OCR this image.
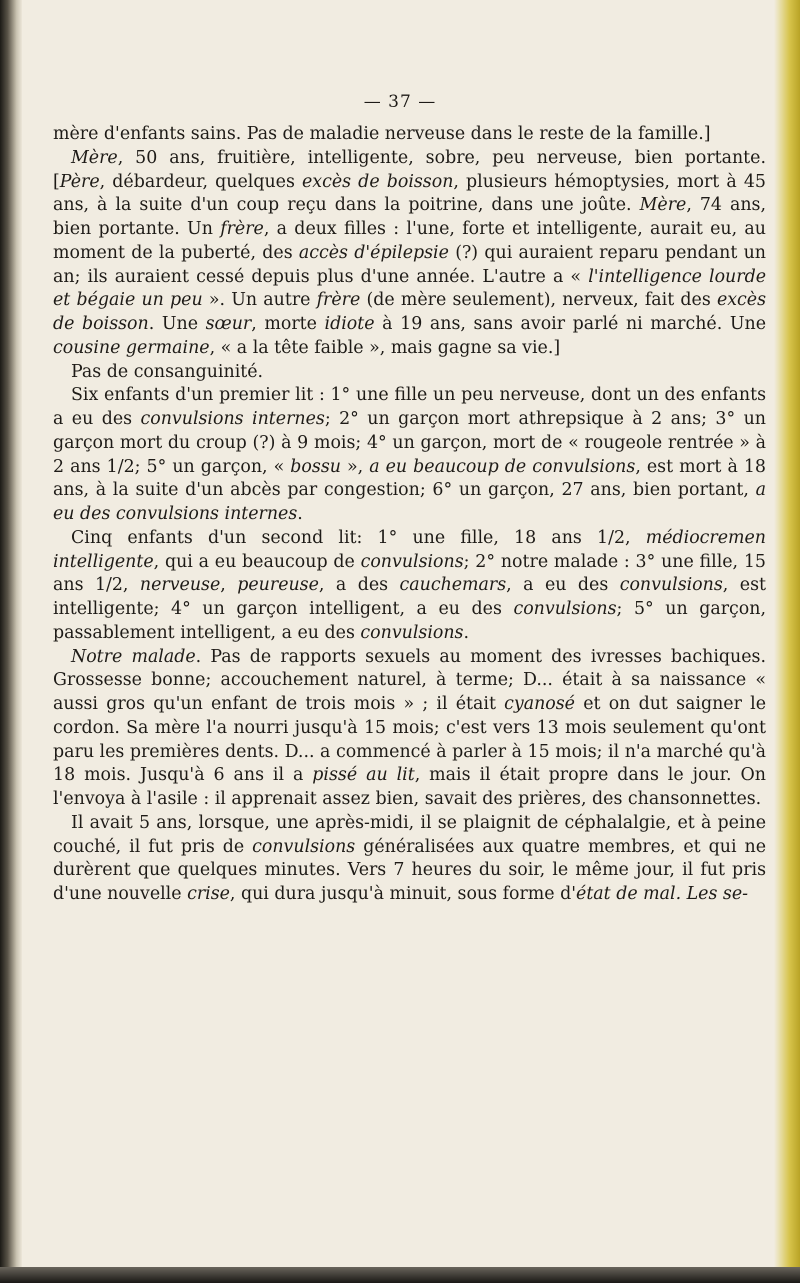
— 37 —

mère d'enfants sains. Pas de maladie nerveuse dans le reste de la famille.]

Mère, 50 ans, fruitière, intelligente, sobre, peu nerveuse, bien portante. [Père, débardeur, quelques excès de boisson, plusieurs hémoptysies, mort à 45 ans, à la suite d'un coup reçu dans la poitrine, dans une joûte. Mère, 74 ans, bien portante. Un frère, a deux filles : l'une, forte et intelligente, aurait eu, au moment de la puberté, des accès d'épilepsie (?) qui auraient reparu pendant un an; ils auraient cessé depuis plus d'une année. L'autre a « l'intelligence lourde et bégaie un peu ». Un autre frère (de mère seulement), nerveux, fait des excès de boisson. Une sœur, morte idiote à 19 ans, sans avoir parlé ni marché. Une cousine germaine, « a la tête faible », mais gagne sa vie.]

Pas de consanguinité.

Six enfants d'un premier lit : 1° une fille un peu nerveuse, dont un des enfants a eu des convulsions internes; 2° un garçon mort athrepsique à 2 ans; 3° un garçon mort du croup (?) à 9 mois; 4° un garçon, mort de « rougeole rentrée » à 2 ans 1/2; 5° un garçon, « bossu », a eu beaucoup de convulsions, est mort à 18 ans, à la suite d'un abcès par congestion; 6° un garçon, 27 ans, bien portant, a eu des convulsions internes.

Cinq enfants d'un second lit: 1° une fille, 18 ans 1/2, médiocremen intelligente, qui a eu beaucoup de convulsions; 2° notre malade : 3° une fille, 15 ans 1/2, nerveuse, peureuse, a des cauchemars, a eu des convulsions, est intelligente; 4° un garçon intelligent, a eu des convulsions; 5° un garçon, passablement intelligent, a eu des convulsions.

Notre malade. Pas de rapports sexuels au moment des ivresses bachiques. Grossesse bonne; accouchement naturel, à terme; D... était à sa naissance « aussi gros qu'un enfant de trois mois » ; il était cyanosé et on dut saigner le cordon. Sa mère l'a nourri jusqu'à 15 mois; c'est vers 13 mois seulement qu'ont paru les premières dents. D... a commencé à parler à 15 mois; il n'a marché qu'à 18 mois. Jusqu'à 6 ans il a pissé au lit, mais il était propre dans le jour. On l'envoya à l'asile : il apprenait assez bien, savait des prières, des chansonnettes.

Il avait 5 ans, lorsque, une après-midi, il se plaignit de céphalalgie, et à peine couché, il fut pris de convulsions généralisées aux quatre membres, et qui ne durèrent que quelques minutes. Vers 7 heures du soir, le même jour, il fut pris d'une nouvelle crise, qui dura jusqu'à minuit, sous forme d'état de mal. Les se-
